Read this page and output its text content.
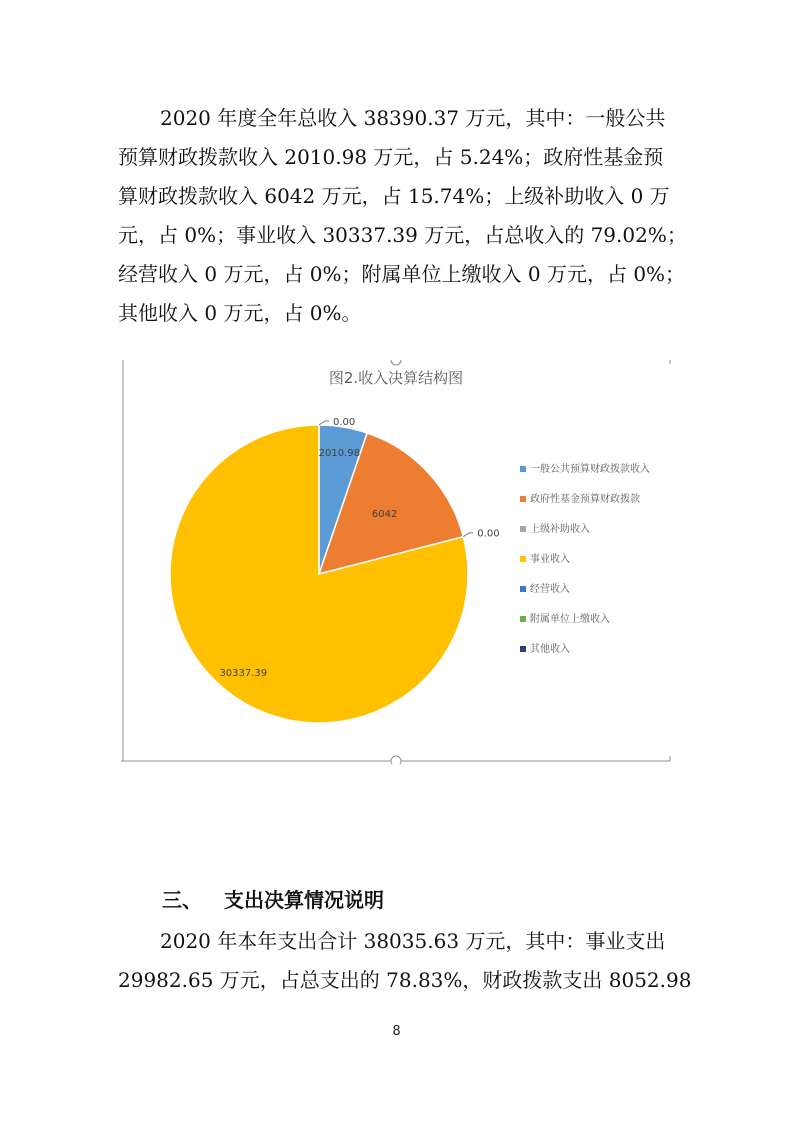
2020 年度全年总收入 38390.37 万元，其中：一般公共
预算财政拨款收入 2010.98 万元，占 5.24%；政府性基金预
算财政拨款收入 6042 万元，占 15.74%；上级补助收入 0 万
元，占 0%；事业收入 30337.39 万元，占总收入的 79.02%；
经营收入 0 万元，占 0%；附属单位上缴收入 0 万元，占 0%；
其他收入 0 万元，占 0%。
图2.收入决算结构图
2010.98
6042
0.00
30337.39
0.00
一般公共预算财政拨款收入
政府性基金预算财政拨款
上级补助收入
事业收入
经营收入
附属单位上缴收入
其他收入
三、 支出决算情况说明
2020 年本年支出合计 38035.63 万元，其中：事业支出
29982.65 万元，占总支出的 78.83%，财政拨款支出 8052.98
8
